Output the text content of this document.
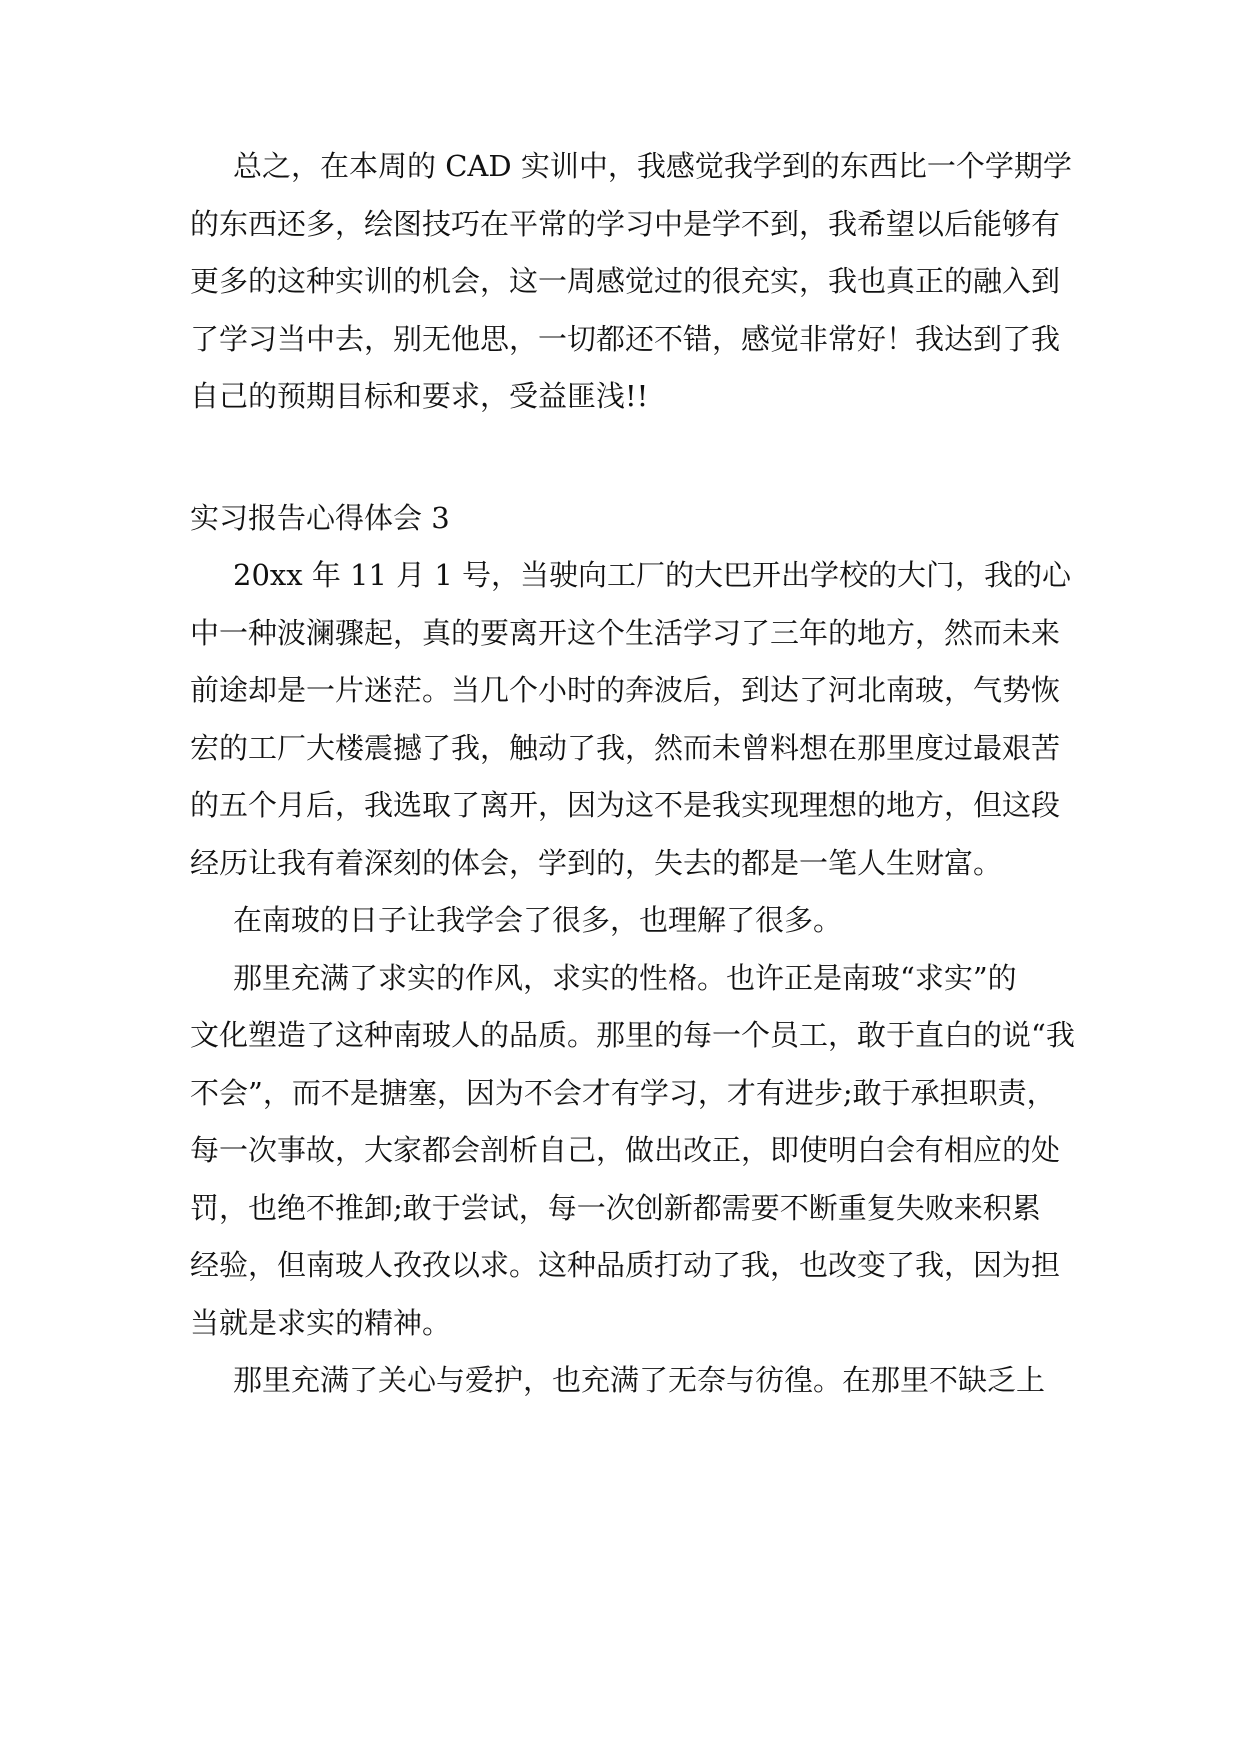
总之，在本周的 CAD 实训中，我感觉我学到的东西比一个学期学
的东西还多，绘图技巧在平常的学习中是学不到，我希望以后能够有
更多的这种实训的机会，这一周感觉过的很充实，我也真正的融入到
了学习当中去，别无他思，一切都还不错，感觉非常好！我达到了我
自己的预期目标和要求，受益匪浅!!
实习报告心得体会 3
20xx 年 11 月 1 号，当驶向工厂的大巴开出学校的大门，我的心
中一种波澜骤起，真的要离开这个生活学习了三年的地方，然而未来
前途却是一片迷茫。当几个小时的奔波后，到达了河北南玻，气势恢
宏的工厂大楼震撼了我，触动了我，然而未曾料想在那里度过最艰苦
的五个月后，我选取了离开，因为这不是我实现理想的地方，但这段
经历让我有着深刻的体会，学到的，失去的都是一笔人生财富。
在南玻的日子让我学会了很多，也理解了很多。
那里充满了求实的作风，求实的性格。也许正是南玻“求实”的
文化塑造了这种南玻人的品质。那里的每一个员工，敢于直白的说“我
不会”，而不是搪塞，因为不会才有学习，才有进步;敢于承担职责，
每一次事故，大家都会剖析自己，做出改正，即使明白会有相应的处
罚，也绝不推卸;敢于尝试，每一次创新都需要不断重复失败来积累
经验，但南玻人孜孜以求。这种品质打动了我，也改变了我，因为担
当就是求实的精神。
那里充满了关心与爱护，也充满了无奈与彷徨。在那里不缺乏上
